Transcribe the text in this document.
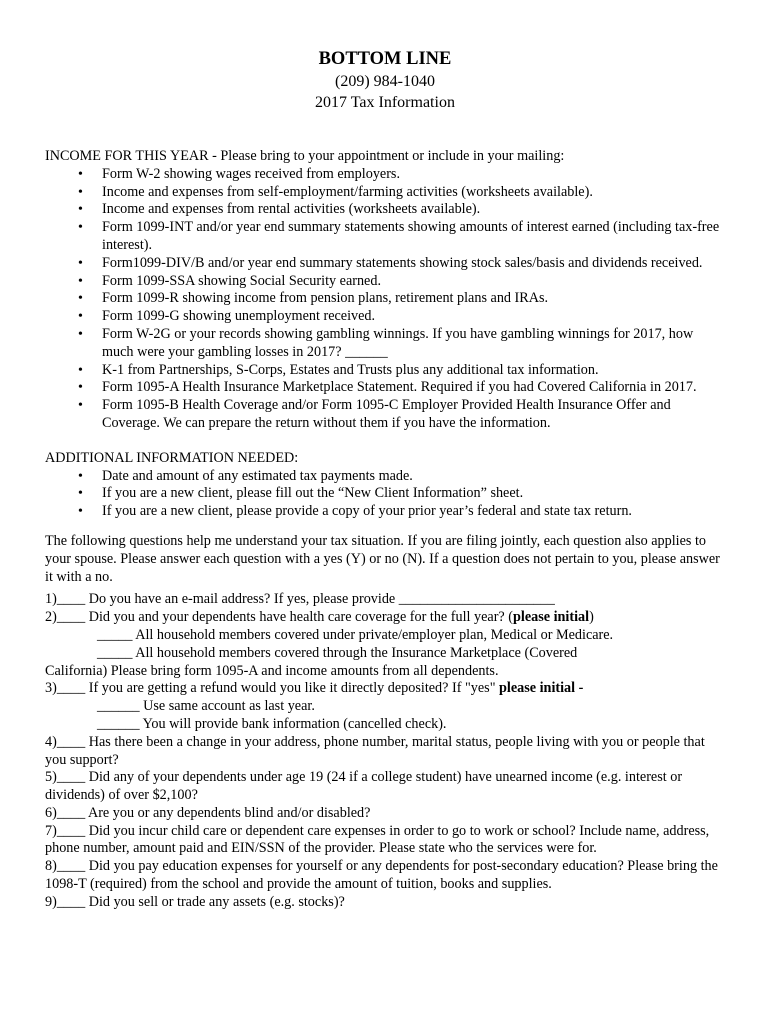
BOTTOM LINE
(209) 984-1040
2017 Tax Information

INCOME FOR THIS YEAR - Please bring to your appointment or include in your mailing:

• Form W-2 showing wages received from employers.
• Income and expenses from self-employment/farming activities (worksheets available).
• Income and expenses from rental activities (worksheets available).
• Form 1099-INT and/or year end summary statements showing amounts of interest earned (including tax-free interest).
• Form1099-DIV/B and/or year end summary statements showing stock sales/basis and dividends received.
• Form 1099-SSA showing Social Security earned.
• Form 1099-R showing income from pension plans, retirement plans and IRAs.
• Form 1099-G showing unemployment received.
• Form W-2G or your records showing gambling winnings. If you have gambling winnings for 2017, how much were your gambling losses in 2017? ______
• K-1 from Partnerships, S-Corps, Estates and Trusts plus any additional tax information.
• Form 1095-A Health Insurance Marketplace Statement. Required if you had Covered California in 2017.
• Form 1095-B Health Coverage and/or Form 1095-C Employer Provided Health Insurance Offer and Coverage. We can prepare the return without them if you have the information.

ADDITIONAL INFORMATION NEEDED:

• Date and amount of any estimated tax payments made.
• If you are a new client, please fill out the “New Client Information” sheet.
• If you are a new client, please provide a copy of your prior year’s federal and state tax return.

The following questions help me understand your tax situation. If you are filing jointly, each question also applies to your spouse. Please answer each question with a yes (Y) or no (N). If a question does not pertain to you, please answer it with a no.

1)____ Do you have an e-mail address? If yes, please provide ______________________

2)____ Did you and your dependents have health care coverage for the full year? (please initial)

_____ All household members covered under private/employer plan, Medical or Medicare.

_____ All household members covered through the Insurance Marketplace (Covered

California) Please bring form 1095-A and income amounts from all dependents.

3)____ If you are getting a refund would you like it directly deposited? If "yes" please initial -

______ Use same account as last year.

______ You will provide bank information (cancelled check).

4)____ Has there been a change in your address, phone number, marital status, people living with you or people that you support?

5)____ Did any of your dependents under age 19 (24 if a college student) have unearned income (e.g. interest or dividends) of over $2,100?

6)____ Are you or any dependents blind and/or disabled?

7)____ Did you incur child care or dependent care expenses in order to go to work or school? Include name, address, phone number, amount paid and EIN/SSN of the provider. Please state who the services were for.

8)____ Did you pay education expenses for yourself or any dependents for post-secondary education? Please bring the 1098-T (required) from the school and provide the amount of tuition, books and supplies.

9)____ Did you sell or trade any assets (e.g. stocks)?
